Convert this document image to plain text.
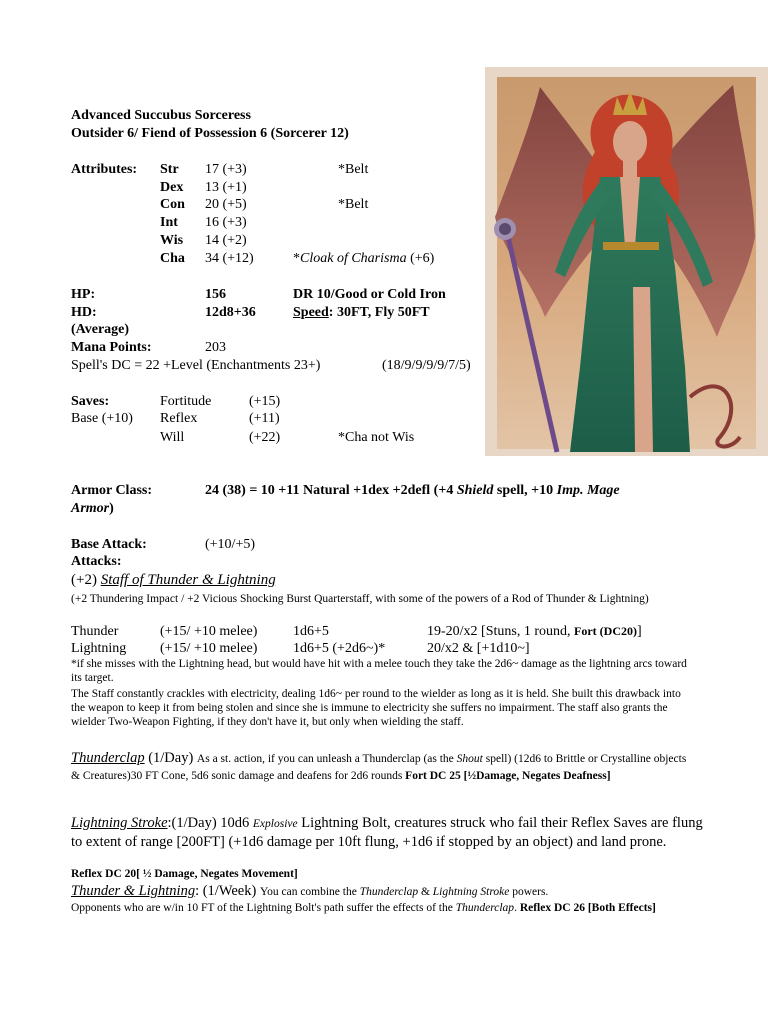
Advanced Succubus Sorceress
Outsider 6/ Fiend of Possession 6 (Sorcerer 12)
Attributes: Str 17 (+3)	*Belt
Dex 13 (+1)
Con 20 (+5)	*Belt
Int 16 (+3)
Wis 14 (+2)
Cha 34 (+12)	*Cloak of Charisma (+6)
HP:	156	DR 10/Good or Cold Iron
HD:	12d8+36	Speed: 30FT, Fly 50FT
(Average)
Mana Points:	203
Spell's DC = 22 +Level (Enchantments 23+)	(18/9/9/9/9/7/5)
Saves:
Base (+10)
Fortitude	(+15)
Reflex	(+11)
Will	(+22)	*Cha not Wis
Armor Class:	24 (38) = 10 +11 Natural +1dex +2defl (+4 Shield spell, +10 Imp. Mage
Armor)
Base Attack:	(+10/+5)
Attacks:
(+2) Staff of Thunder & Lightning
(+2 Thundering Impact / +2 Vicious Shocking Burst Quarterstaff, with some of the powers of a Rod of Thunder & Lightning)
Thunder	(+15/ +10 melee)	1d6+5	19-20/x2 [Stuns, 1 round, Fort (DC20)]
Lightning (+15/ +10 melee)	1d6+5 (+2d6~)*	20/x2 & [+1d10~]
*if she misses with the Lightning head, but would have hit with a melee touch they take the 2d6~ damage as the lightning arcs toward its target.
The Staff constantly crackles with electricity, dealing 1d6~ per round to the wielder as long as it is held. She built this drawback into the weapon to keep it from being stolen and since she is immune to electricity she suffers no impairment. The staff also grants the wielder Two-Weapon Fighting, if they don't have it, but only when wielding the staff.
Thunderclap (1/Day) As a st. action, if you can unleash a Thunderclap (as the Shout spell) (12d6 to Brittle or Crystalline objects & Creatures)30 FT Cone, 5d6 sonic damage and deafens for 2d6 rounds Fort DC 25 [½Damage, Negates Deafness]
Lightning Stroke:(1/Day) 10d6 Explosive Lightning Bolt, creatures struck who fail their Reflex Saves are flung to extent of range [200FT] (+1d6 damage per 10ft flung, +1d6 if stopped by an object) and land prone.
Reflex DC 20[ ½ Damage, Negates Movement]
Thunder & Lightning: (1/Week) You can combine the Thunderclap & Lightning Stroke powers.
Opponents who are w/in 10 FT of the Lightning Bolt's path suffer the effects of the Thunderclap. Reflex DC 26 [Both Effects]
